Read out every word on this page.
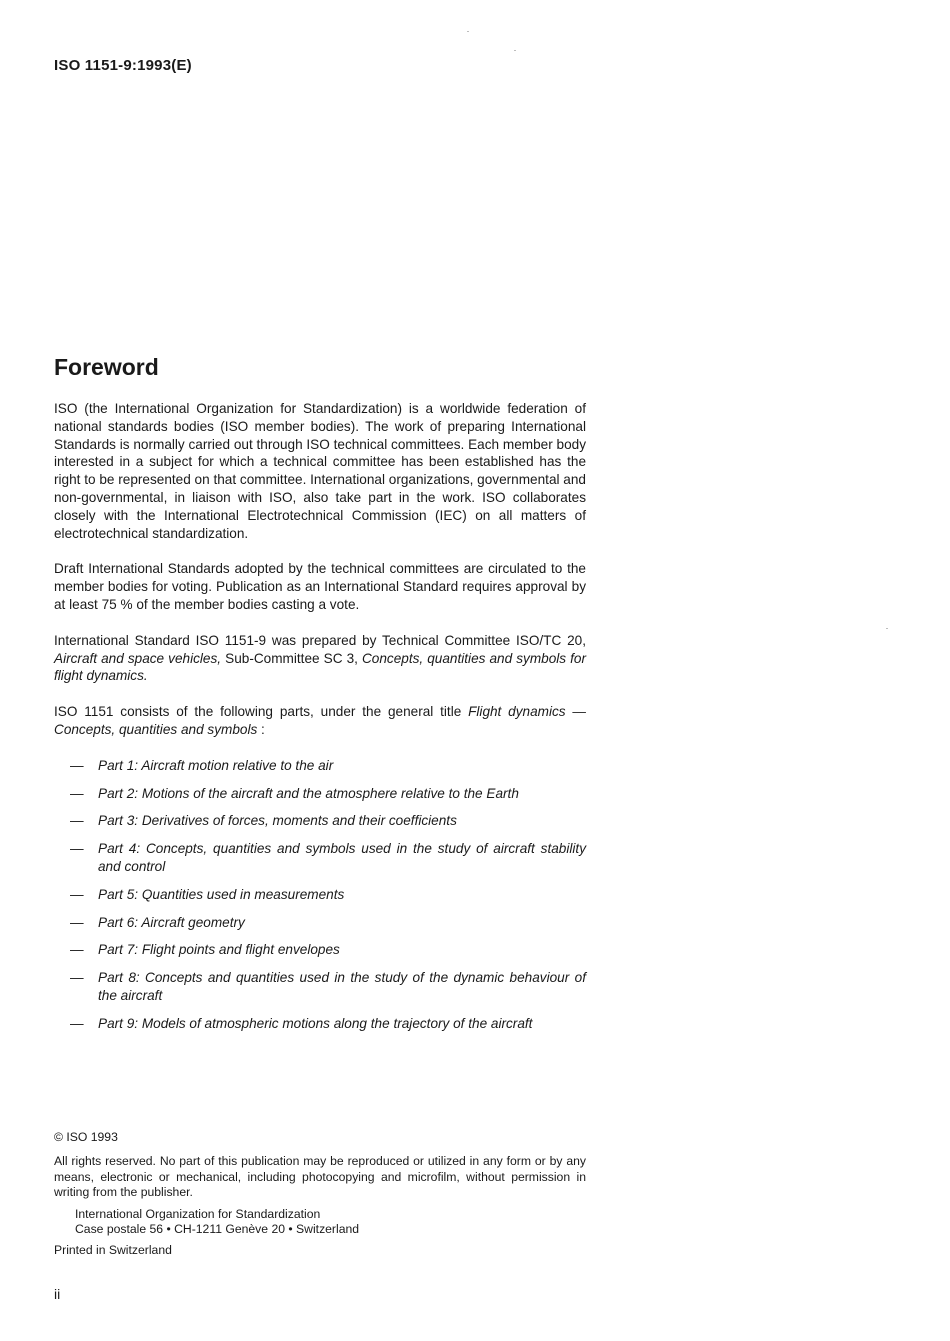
ISO 1151-9:1993(E)
Foreword

ISO (the International Organization for Standardization) is a worldwide federation of national standards bodies (ISO member bodies). The work of preparing International Standards is normally carried out through ISO technical committees. Each member body interested in a subject for which a technical committee has been established has the right to be represented on that committee. International organizations, governmental and non-governmental, in liaison with ISO, also take part in the work. ISO collaborates closely with the International Electrotechnical Commission (IEC) on all matters of electrotechnical standardization.

Draft International Standards adopted by the technical committees are circulated to the member bodies for voting. Publication as an International Standard requires approval by at least 75 % of the member bodies casting a vote.

International Standard ISO 1151-9 was prepared by Technical Committee ISO/TC 20, Aircraft and space vehicles, Sub-Committee SC 3, Concepts, quantities and symbols for flight dynamics.

ISO 1151 consists of the following parts, under the general title Flight dynamics — Concepts, quantities and symbols :

— Part 1: Aircraft motion relative to the air
— Part 2: Motions of the aircraft and the atmosphere relative to the Earth
— Part 3: Derivatives of forces, moments and their coefficients
— Part 4: Concepts, quantities and symbols used in the study of aircraft stability and control
— Part 5: Quantities used in measurements
— Part 6: Aircraft geometry
— Part 7: Flight points and flight envelopes
— Part 8: Concepts and quantities used in the study of the dynamic behaviour of the aircraft
— Part 9: Models of atmospheric motions along the trajectory of the aircraft

© ISO 1993

All rights reserved. No part of this publication may be reproduced or utilized in any form or by any means, electronic or mechanical, including photocopying and microfilm, without permission in writing from the publisher.

International Organization for Standardization
Case postale 56 • CH-1211 Genève 20 • Switzerland

Printed in Switzerland

ii
